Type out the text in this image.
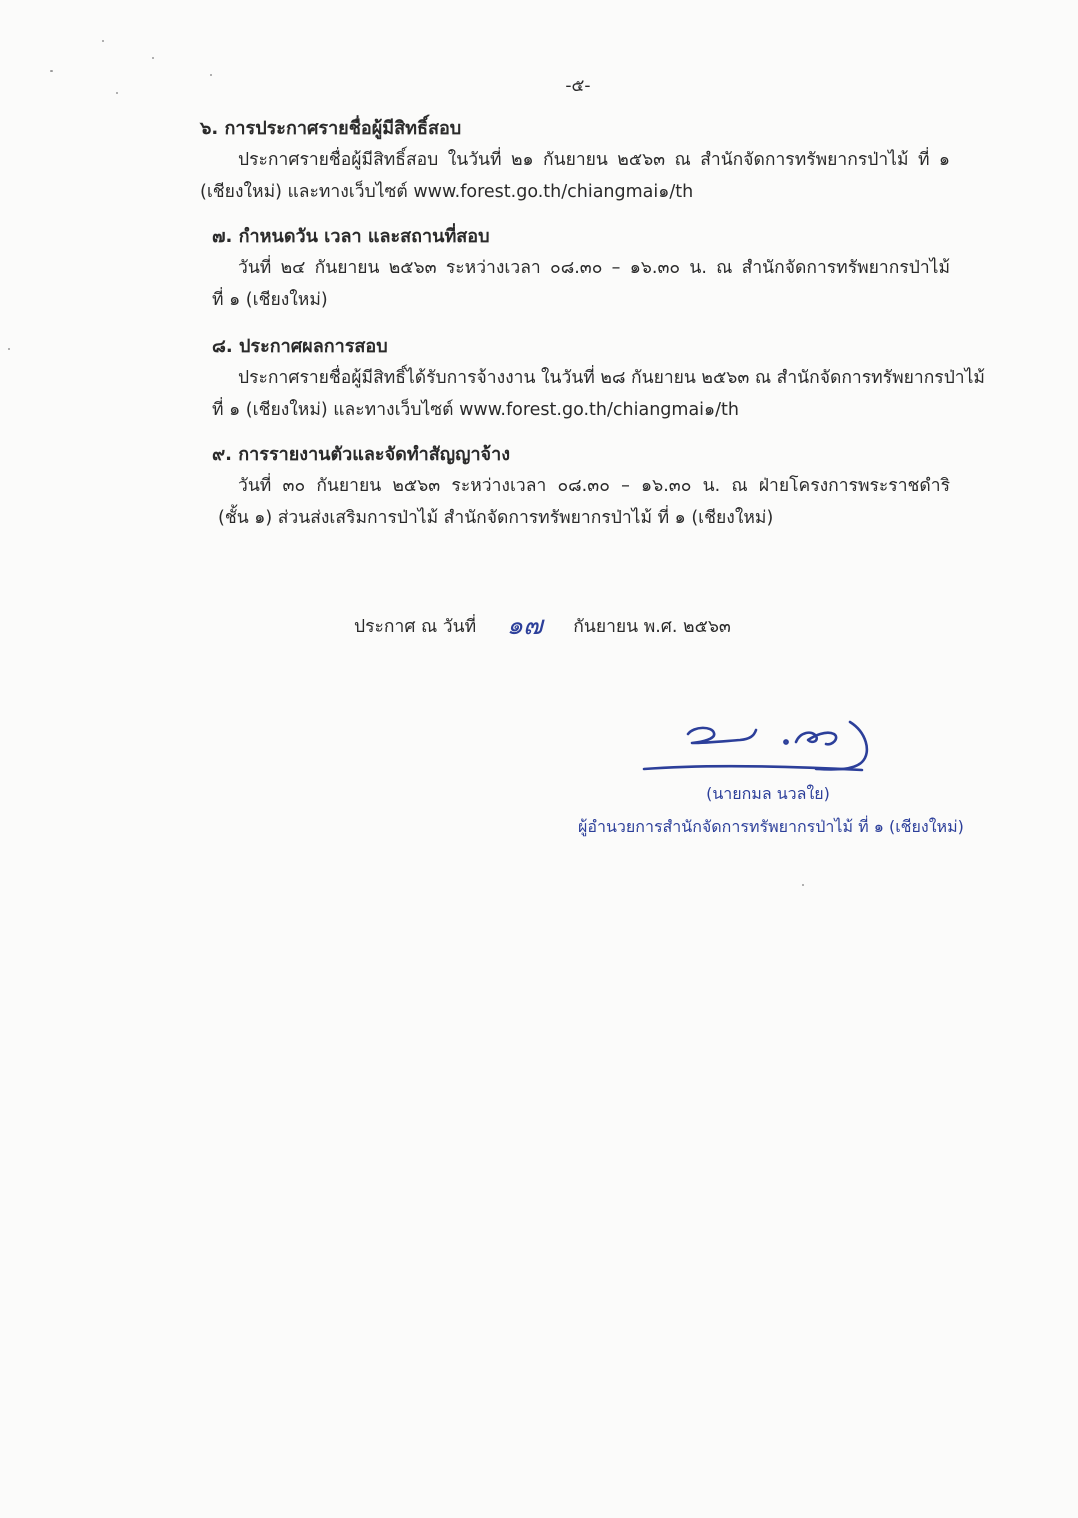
-๕-
๖. การประกาศรายชื่อผู้มีสิทธิ์สอบ
ประกาศรายชื่อผู้มีสิทธิ์สอบ ในวันที่ ๒๑ กันยายน ๒๕๖๓ ณ สำนักจัดการทรัพยากรป่าไม้ ที่ ๑
(เชียงใหม่) และทางเว็บไซต์ www.forest.go.th/chiangmai๑/th
๗. กำหนดวัน เวลา และสถานที่สอบ
วันที่ ๒๔ กันยายน ๒๕๖๓ ระหว่างเวลา ๐๘.๓๐ – ๑๖.๓๐ น. ณ สำนักจัดการทรัพยากรป่าไม้
ที่ ๑ (เชียงใหม่)
๘. ประกาศผลการสอบ
ประกาศรายชื่อผู้มีสิทธิ์ได้รับการจ้างงาน ในวันที่ ๒๘ กันยายน ๒๕๖๓ ณ สำนักจัดการทรัพยากรป่าไม้
ที่ ๑ (เชียงใหม่) และทางเว็บไซต์ www.forest.go.th/chiangmai๑/th
๙. การรายงานตัวและจัดทำสัญญาจ้าง
วันที่ ๓๐ กันยายน ๒๕๖๓ ระหว่างเวลา ๐๘.๓๐ – ๑๖.๓๐ น. ณ ฝ่ายโครงการพระราชดำริ
(ชั้น ๑) ส่วนส่งเสริมการป่าไม้ สำนักจัดการทรัพยากรป่าไม้ ที่ ๑ (เชียงใหม่)
ประกาศ ณ วันที่ ๑๗ กันยายน พ.ศ. ๒๕๖๓
(นายกมล นวลใย)
ผู้อำนวยการสำนักจัดการทรัพยากรป่าไม้ ที่ ๑ (เชียงใหม่)
